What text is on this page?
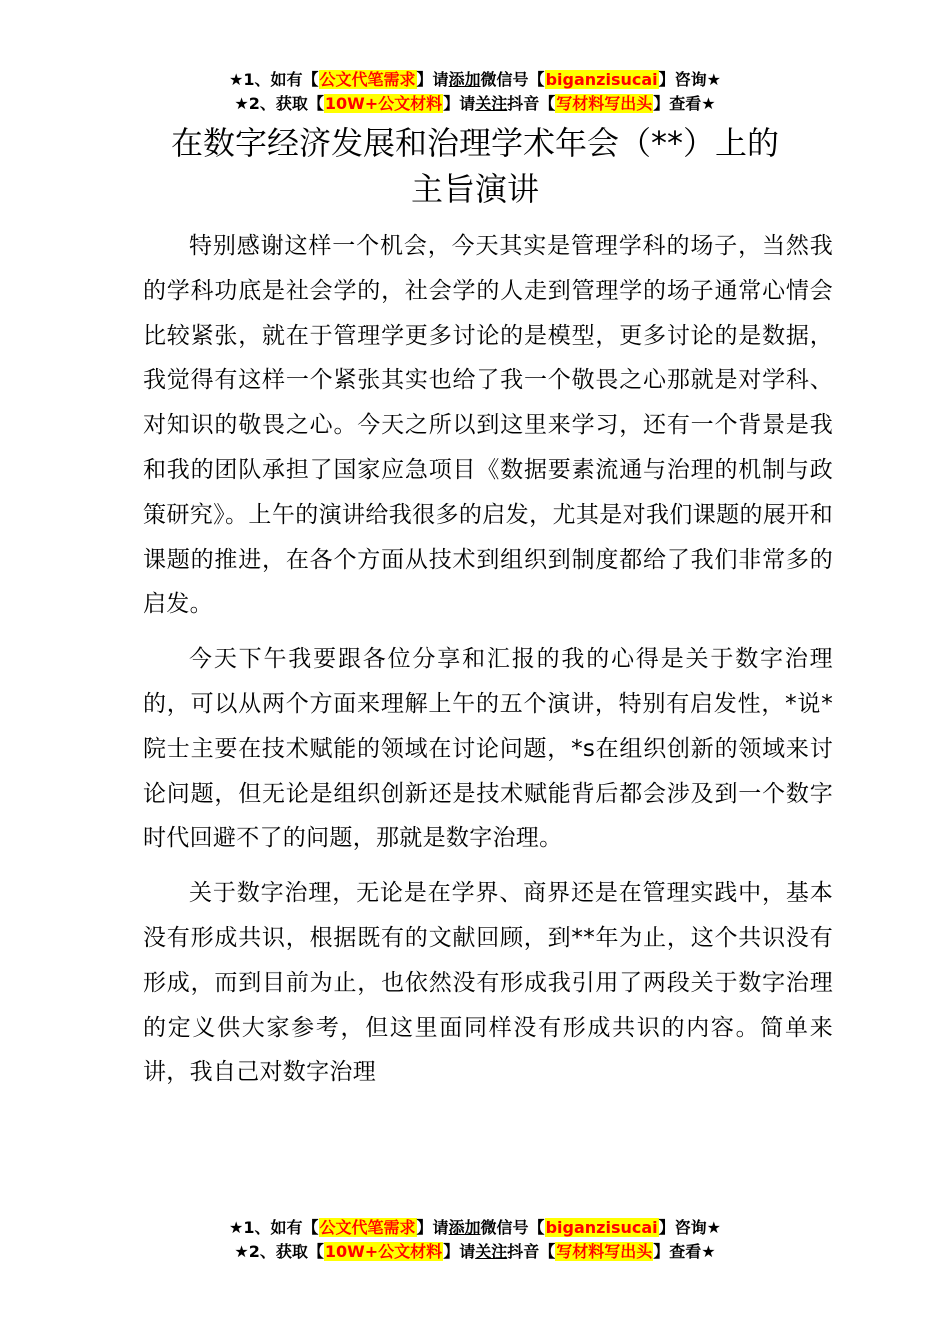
★1、如有【公文代笔需求】请添加微信号【biganzisucai】咨询★
★2、获取【10W+公文材料】请关注抖音【写材料写出头】查看★
在数字经济发展和治理学术年会（**）上的
主旨演讲

特别感谢这样一个机会，今天其实是管理学科的场子，当然我的学科功底是社会学的，社会学的人走到管理学的场子通常心情会比较紧张，就在于管理学更多讨论的是模型，更多讨论的是数据，我觉得有这样一个紧张其实也给了我一个敬畏之心那就是对学科、对知识的敬畏之心。今天之所以到这里来学习，还有一个背景是我和我的团队承担了国家应急项目《数据要素流通与治理的机制与政策研究》。上午的演讲给我很多的启发，尤其是对我们课题的展开和课题的推进，在各个方面从技术到组织到制度都给了我们非常多的启发。

今天下午我要跟各位分享和汇报的我的心得是关于数字治理的，可以从两个方面来理解上午的五个演讲，特别有启发性，*说*院士主要在技术赋能的领域在讨论问题，*s在组织创新的领域来讨论问题，但无论是组织创新还是技术赋能背后都会涉及到一个数字时代回避不了的问题，那就是数字治理。

关于数字治理，无论是在学界、商界还是在管理实践中，基本没有形成共识，根据既有的文献回顾，到**年为止，这个共识没有形成，而到目前为止，也依然没有形成我引用了两段关于数字治理的定义供大家参考，但这里面同样没有形成共识的内容。简单来讲，我自己对数字治理

★1、如有【公文代笔需求】请添加微信号【biganzisucai】咨询★
★2、获取【10W+公文材料】请关注抖音【写材料写出头】查看★
